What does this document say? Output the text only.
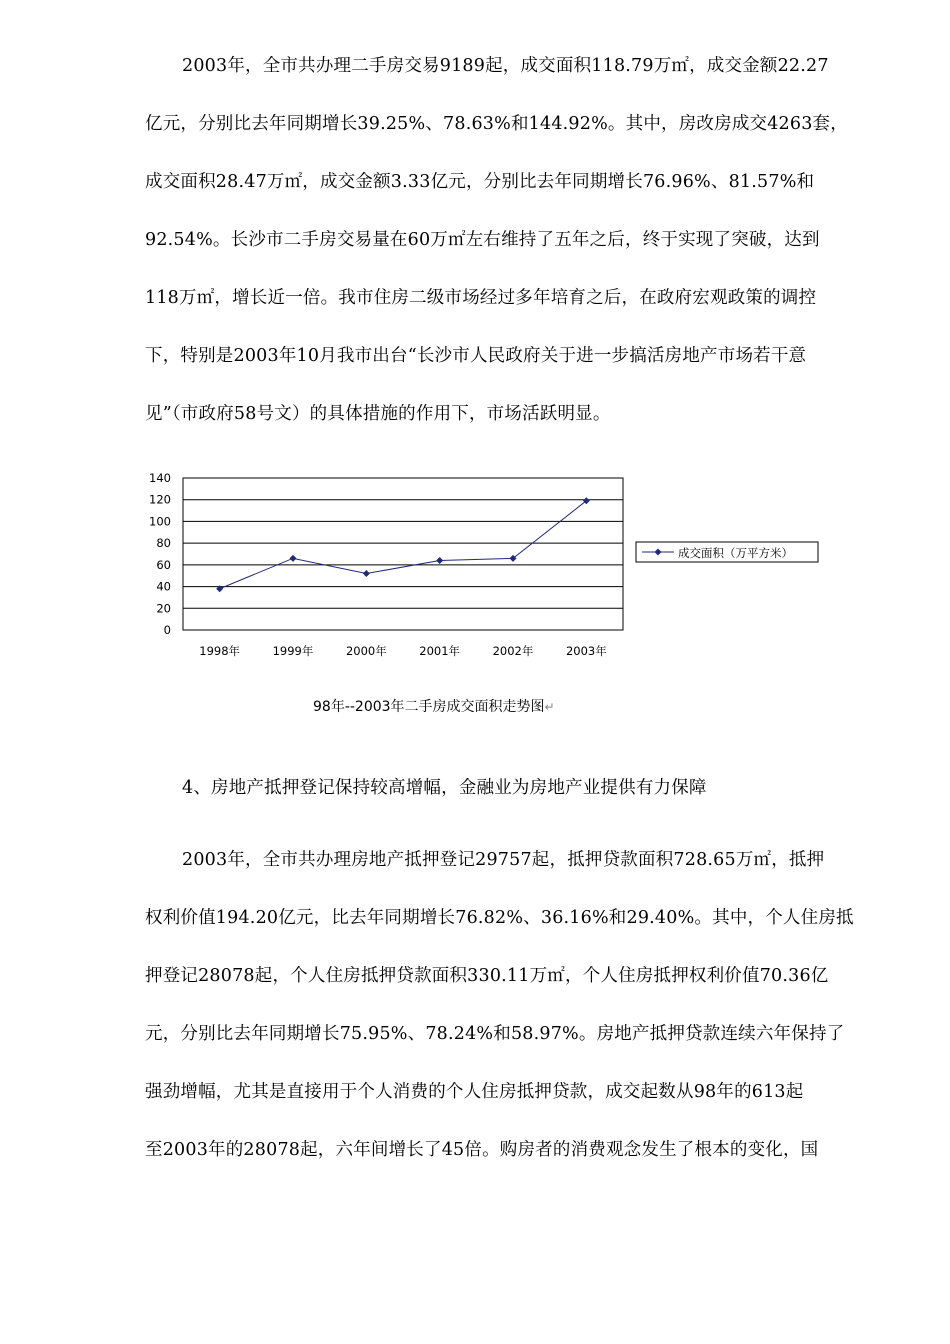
2003年，全市共办理二手房交易9189起，成交面积118.79万㎡，成交金额22.27
亿元，分别比去年同期增长39.25%、78.63%和144.92%。其中，房改房成交4263套，
成交面积28.47万㎡，成交金额3.33亿元，分别比去年同期增长76.96%、81.57%和
92.54%。长沙市二手房交易量在60万㎡左右维持了五年之后，终于实现了突破，达到
118万㎡，增长近一倍。我市住房二级市场经过多年培育之后，在政府宏观政策的调控
下，特别是2003年10月我市出台“长沙市人民政府关于进一步搞活房地产市场若干意
见”（市政府58号文）的具体措施的作用下，市场活跃明显。
0
20
40
60
80
100
120
140
1998年	1999年	2000年	2001年	2002年	2003年
成交面积（万平方米）
98年--2003年二手房成交面积走势图↵
4、房地产抵押登记保持较高增幅，金融业为房地产业提供有力保障
2003年，全市共办理房地产抵押登记29757起，抵押贷款面积728.65万㎡，抵押
权利价值194.20亿元，比去年同期增长76.82%、36.16%和29.40%。其中，个人住房抵
押登记28078起，个人住房抵押贷款面积330.11万㎡，个人住房抵押权利价值70.36亿
元，分别比去年同期增长75.95%、78.24%和58.97%。房地产抵押贷款连续六年保持了
强劲增幅，尤其是直接用于个人消费的个人住房抵押贷款，成交起数从98年的613起
至2003年的28078起，六年间增长了45倍。购房者的消费观念发生了根本的变化，国
